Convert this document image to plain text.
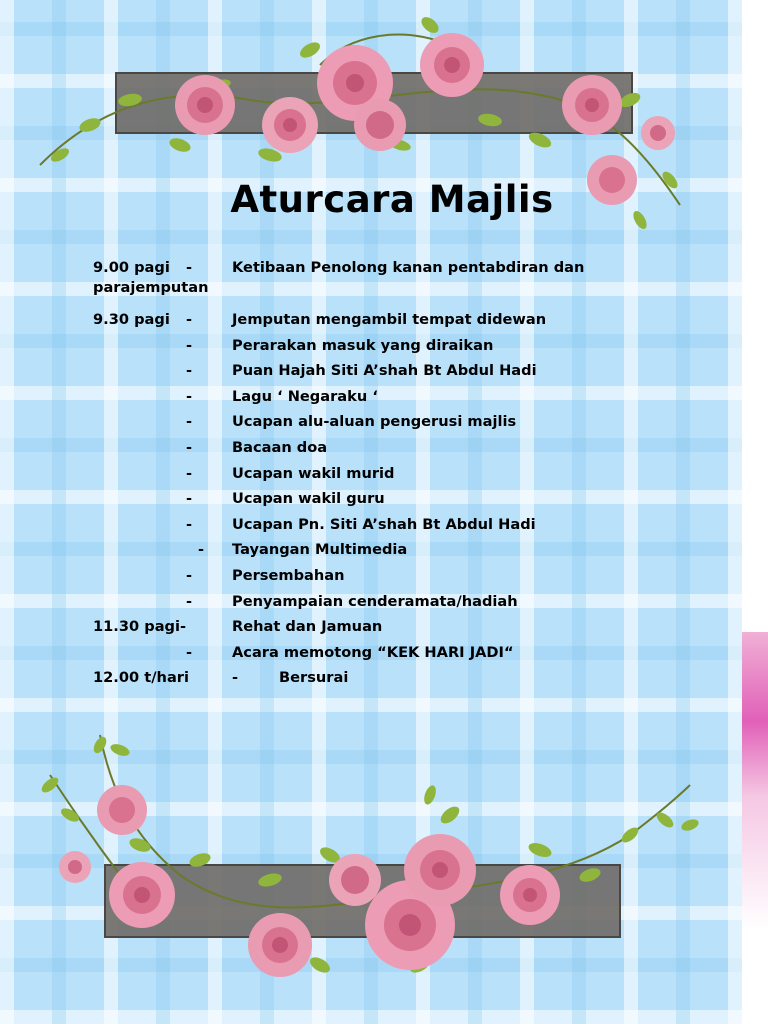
Aturcara Majlis
9.00 pagi -	Ketibaan Penolong kanan pentabdiran dan
parajemputan
9.30 pagi -	Jemputan mengambil tempat didewan
-	Perarakan masuk yang diraikan
-	Puan Hajah Siti A’shah Bt Abdul Hadi
-	Lagu ‘ Negaraku ‘
-	Ucapan alu-aluan pengerusi majlis
-	Bacaan doa
-	Ucapan wakil murid
-	Ucapan wakil guru
-	Ucapan Pn. Siti A’shah Bt Abdul Hadi
- Tayangan Multimedia
-	Persembahan
-	Penyampaian cenderamata/hadiah
11.30 pagi-	Rehat dan Jamuan
-	Acara memotong “KEK HARI JADI“
12.00 t/hari	-	Bersurai
